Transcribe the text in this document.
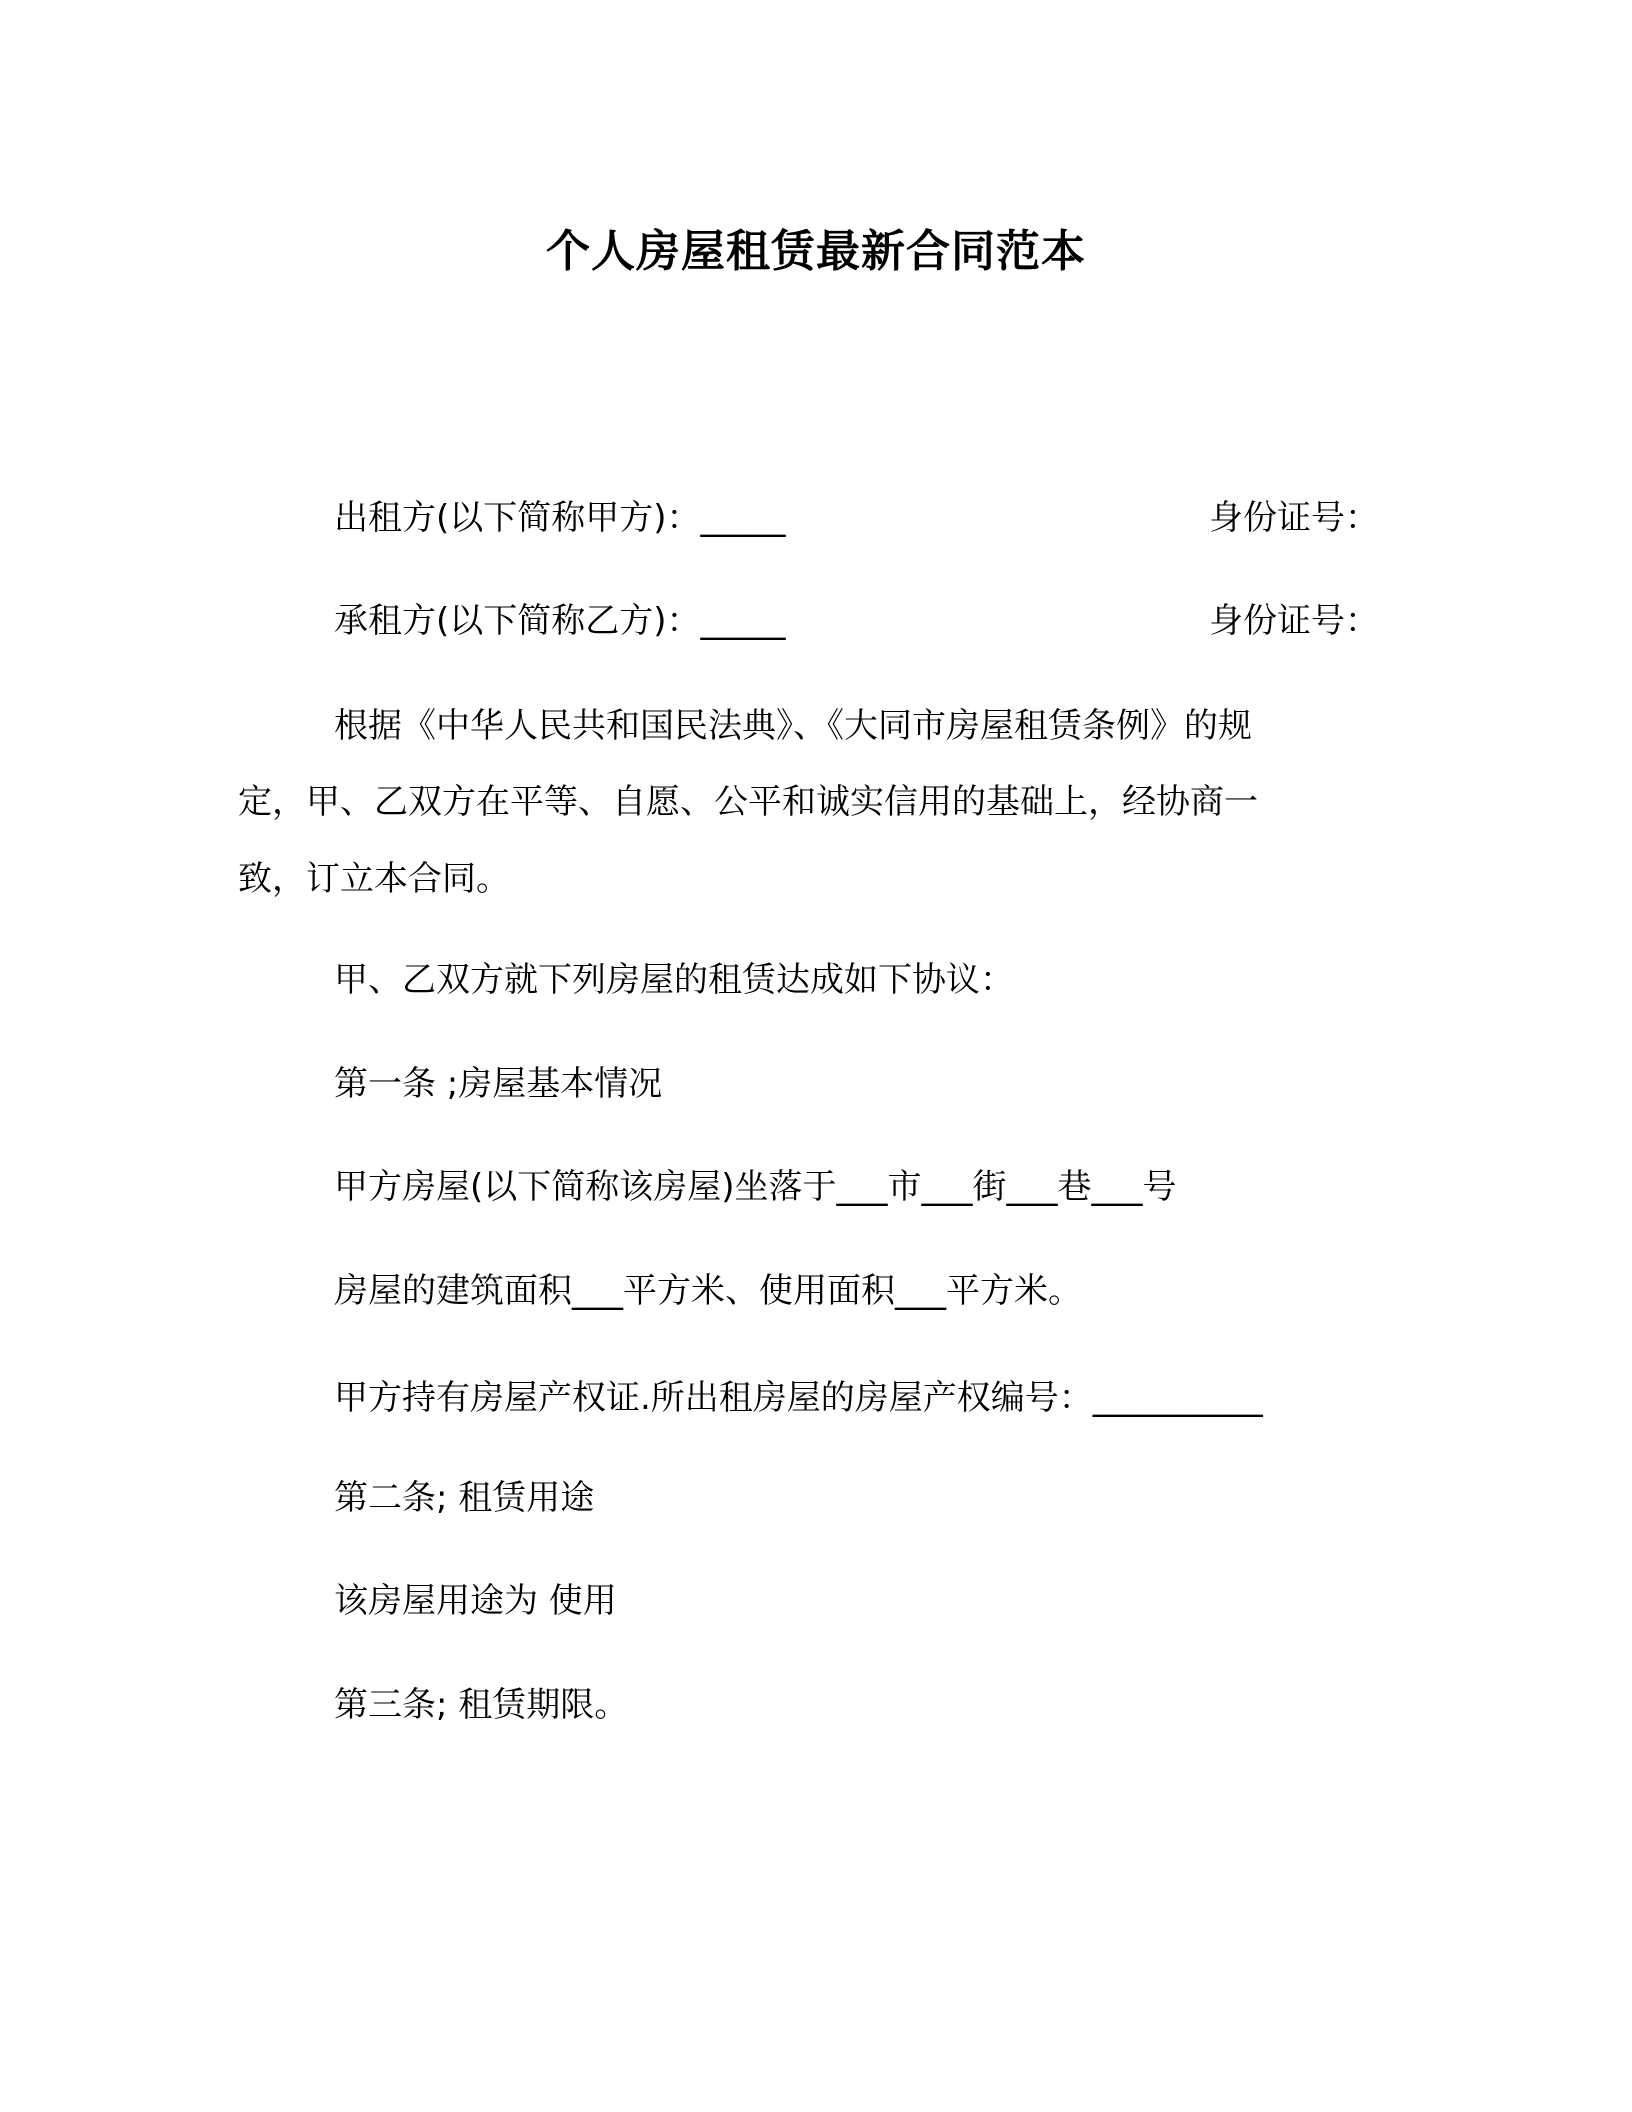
个人房屋租赁最新合同范本
出租方(以下简称甲方)：_____	身份证号：
承租方(以下简称乙方)：_____	身份证号：
根据《中华人民共和国民法典》、《大同市房屋租赁条例》的规
定，甲、乙双方在平等、自愿、公平和诚实信用的基础上，经协商一
致，订立本合同。
甲、乙双方就下列房屋的租赁达成如下协议：
第一条 ;房屋基本情况
甲方房屋(以下简称该房屋)坐落于___市___街___巷___号
房屋的建筑面积___平方米、使用面积___平方米。
甲方持有房屋产权证.所出租房屋的房屋产权编号：__________
第二条; 租赁用途
该房屋用途为 使用
第三条; 租赁期限。
